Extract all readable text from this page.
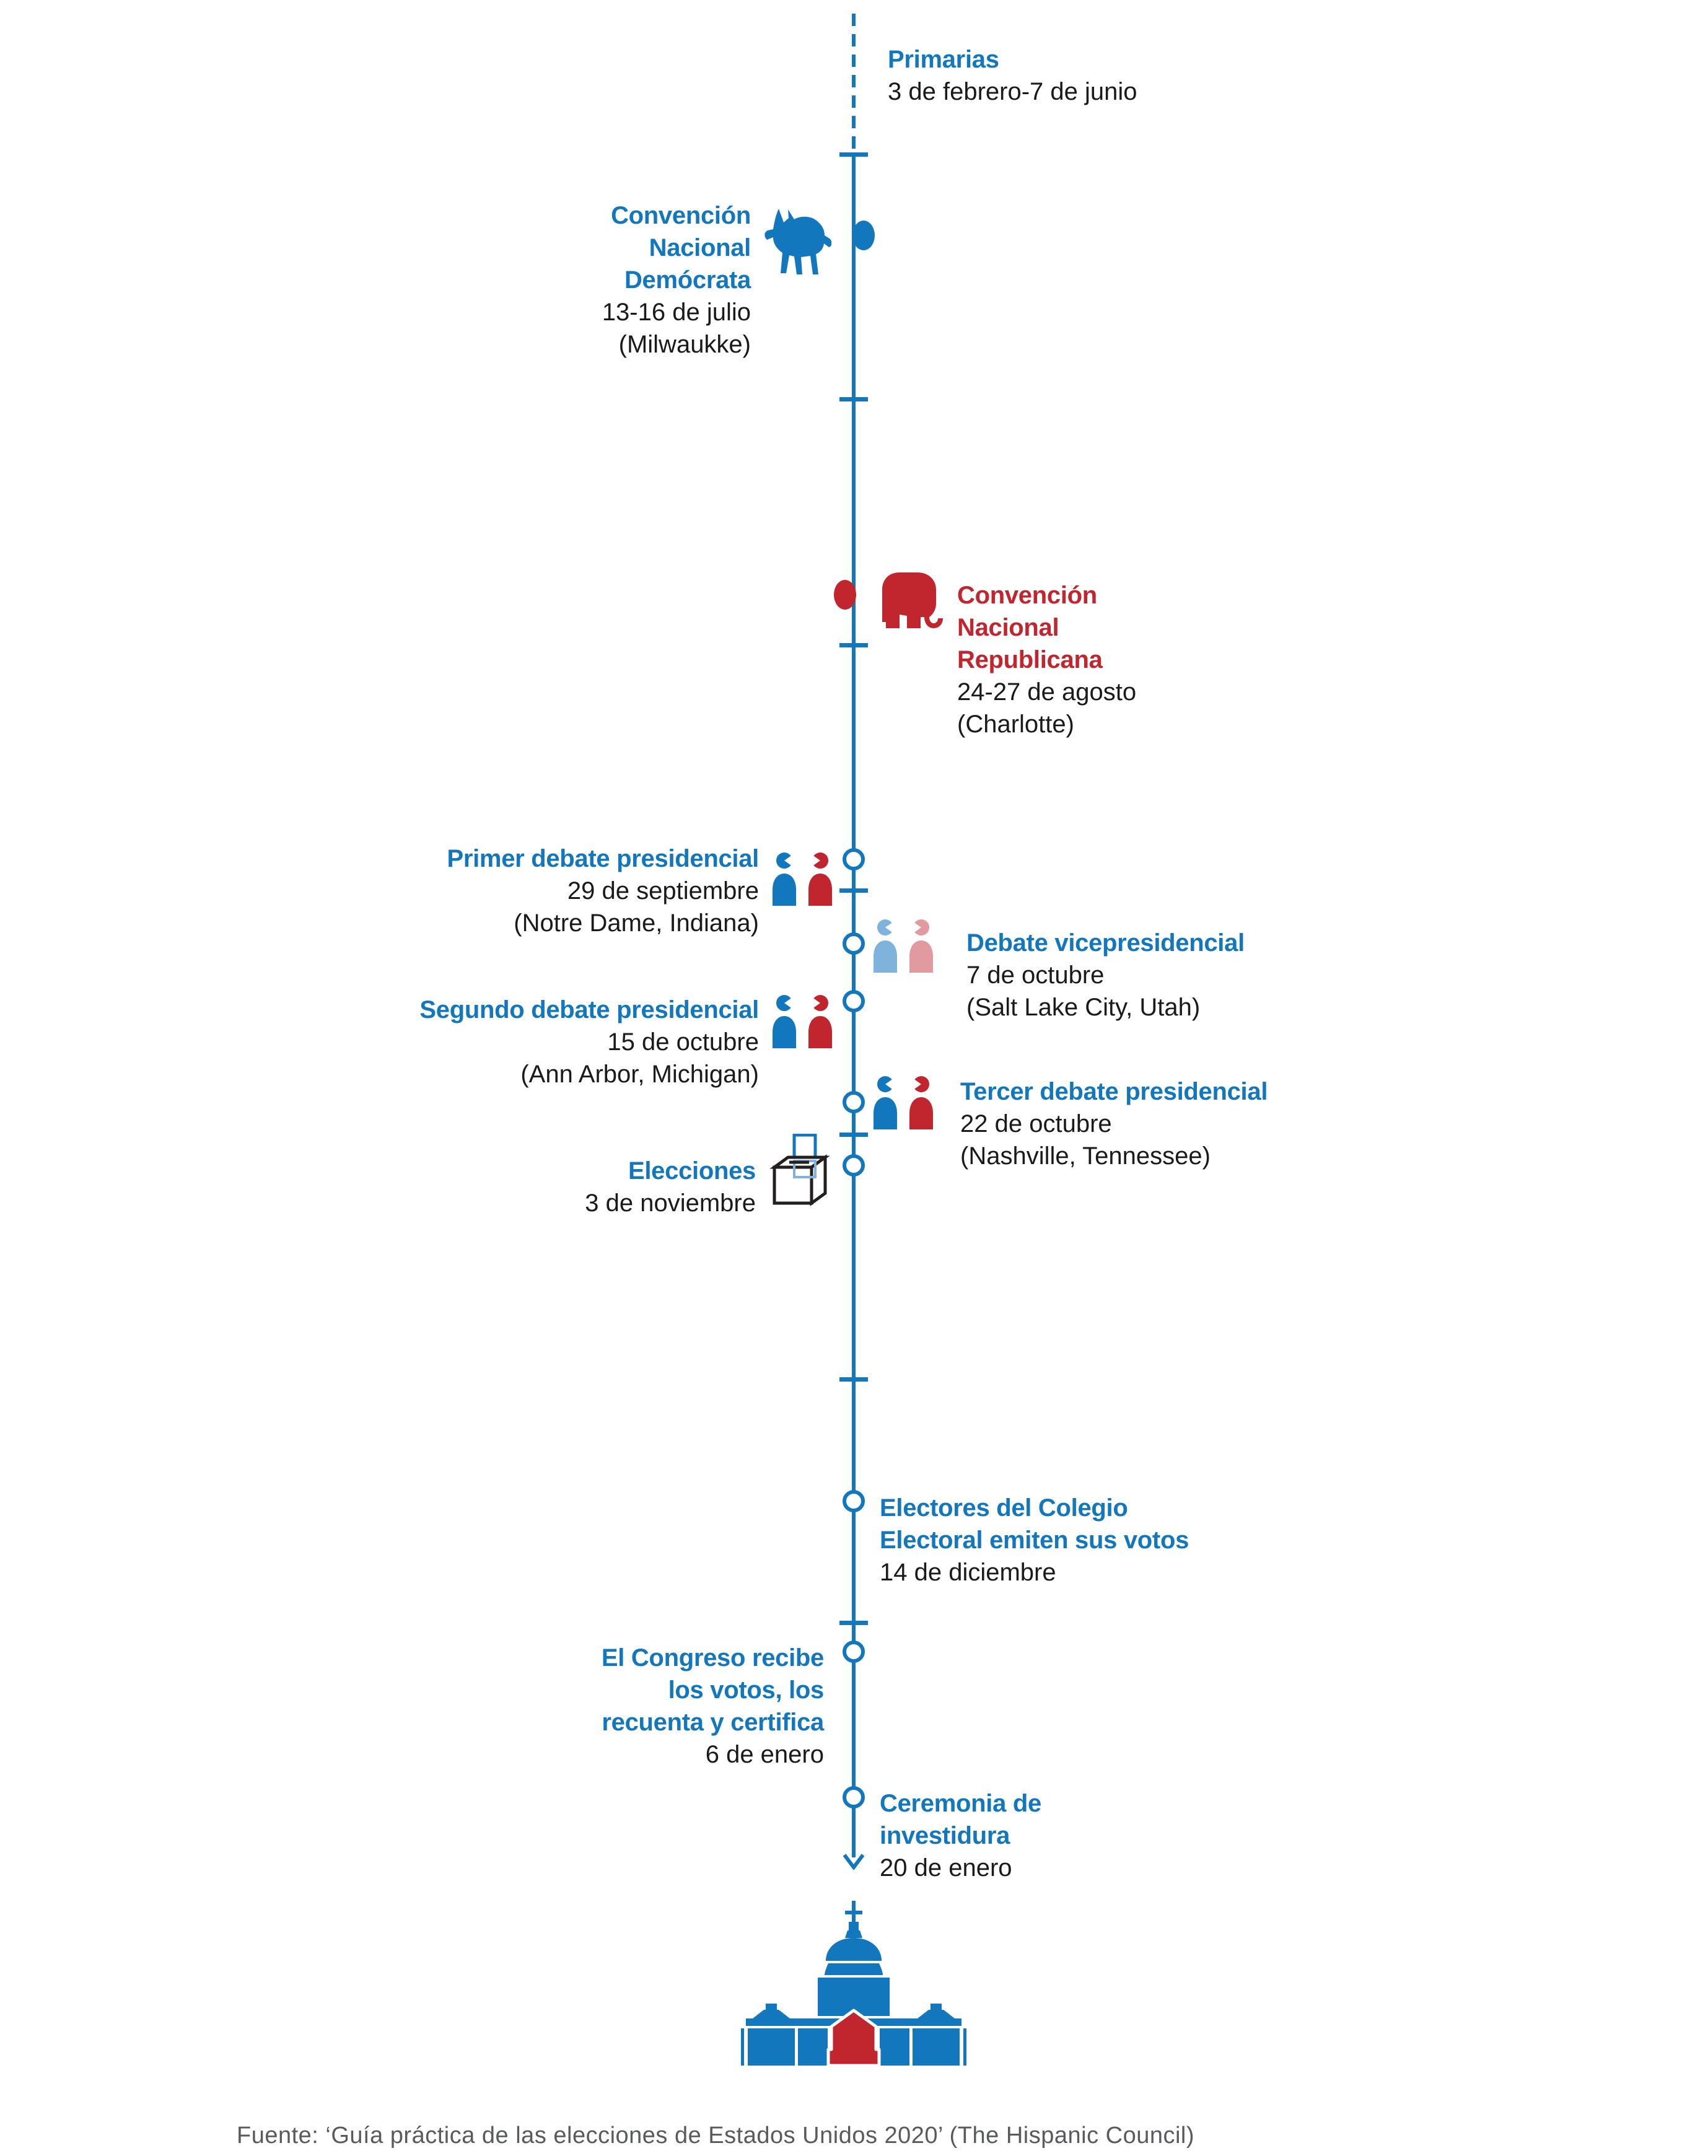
Primarias
3 de febrero-7 de junio
Convención
Nacional
Demócrata
13-16 de julio
(Milwaukke)
Convención
Nacional
Republicana
24-27 de agosto
(Charlotte)
Primer debate presidencial
29 de septiembre
(Notre Dame, Indiana)
Debate vicepresidencial
7 de octubre
(Salt Lake City, Utah)
Segundo debate presidencial
15 de octubre
(Ann Arbor, Michigan)
Tercer debate presidencial
22 de octubre
(Nashville, Tennessee)
Elecciones
3 de noviembre
Electores del Colegio
Electoral emiten sus votos
14 de diciembre
El Congreso recibe
los votos, los
recuenta y certifica
6 de enero
Ceremonia de
investidura
20 de enero
Fuente: ‘Guía práctica de las elecciones de Estados Unidos 2020’ (The Hispanic Council)
